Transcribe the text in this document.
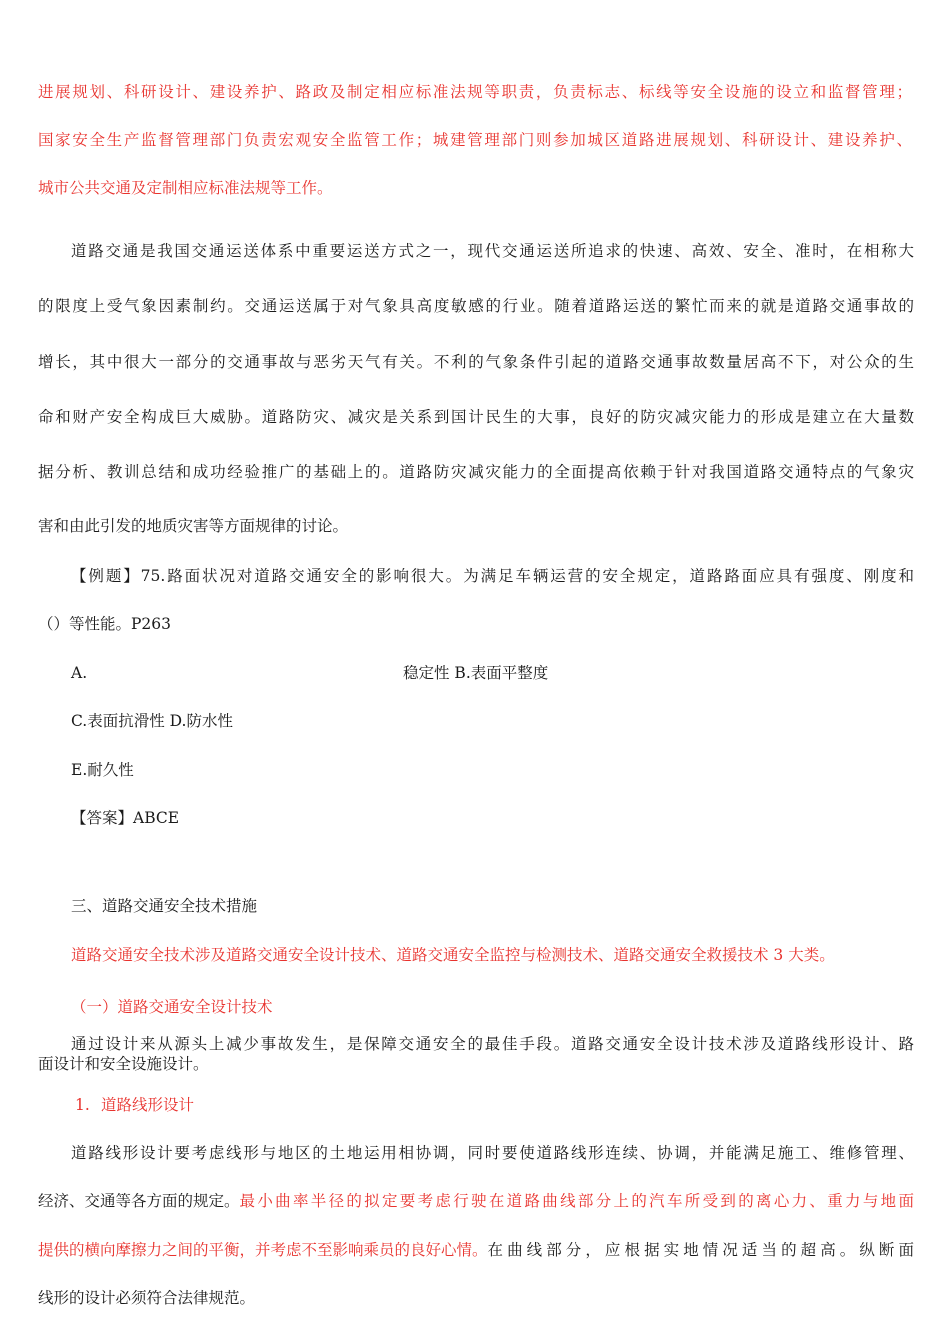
进展规划、科研设计、建设养护、路政及制定相应标准法规等职责，负责标志、标线等安全设施的设立和监督管理；
国家安全生产监督管理部门负责宏观安全监管工作；城建管理部门则参加城区道路进展规划、科研设计、建设养护、
城市公共交通及定制相应标准法规等工作。
道路交通是我国交通运送体系中重要运送方式之一，现代交通运送所追求的快速、高效、安全、准时，在相称大
的限度上受气象因素制约。交通运送属于对气象具高度敏感的行业。随着道路运送的繁忙而来的就是道路交通事故的
增长，其中很大一部分的交通事故与恶劣天气有关。不利的气象条件引起的道路交通事故数量居高不下，对公众的生
命和财产安全构成巨大威胁。道路防灾、减灾是关系到国计民生的大事，良好的防灾减灾能力的形成是建立在大量数
据分析、教训总结和成功经验推广的基础上的。道路防灾减灾能力的全面提高依赖于针对我国道路交通特点的气象灾
害和由此引发的地质灾害等方面规律的讨论。
【例题】75.路面状况对道路交通安全的影响很大。为满足车辆运营的安全规定，道路路面应具有强度、刚度和
（）等性能。P263
A.	稳定性 B.表面平整度
C.表面抗滑性 D.防水性
E.耐久性
【答案】ABCE
三、道路交通安全技术措施
道路交通安全技术涉及道路交通安全设计技术、道路交通安全监控与检测技术、道路交通安全救援技术 3 大类。
（一）道路交通安全设计技术
通过设计来从源头上减少事故发生，是保障交通安全的最佳手段。道路交通安全设计技术涉及道路线形设计、路
面设计和安全设施设计。
1. 道路线形设计
道路线形设计要考虑线形与地区的土地运用相协调，同时要使道路线形连续、协调，并能满足施工、维修管理、
经济、交通等各方面的规定。 最小曲率半径的拟定要考虑行驶在道路曲线部分上的汽车所受到的离心力、重力与地面
提供的横向摩擦力之间的平衡，并考虑不至影响乘员的良好心情。 在曲线部分，应根据实地情况适当的超高。纵断面
线形的设计必须符合法律规范。
